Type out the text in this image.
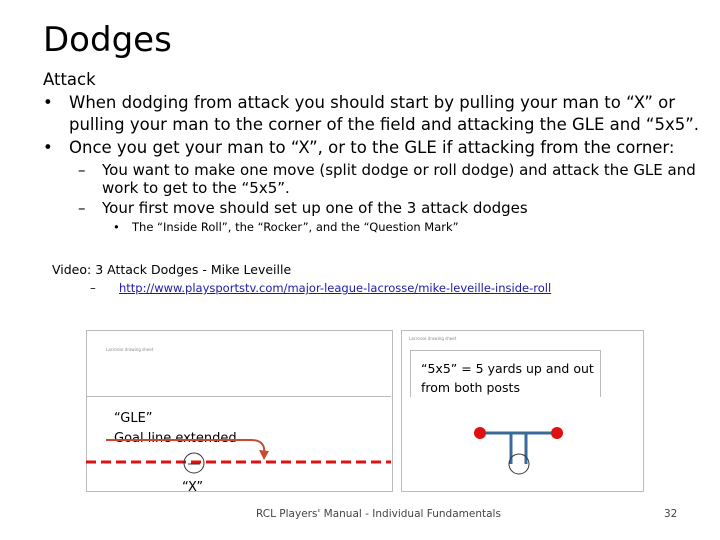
Dodges
Attack
• When dodging from attack you should start by pulling your man to “X” or
pulling your man to the corner of the field and attacking the GLE and “5x5”.
• Once you get your man to “X”, or to the GLE if attacking from the corner:
– You want to make one move (split dodge or roll dodge) and attack the GLE and
work to get to the “5x5”.
– Your first move should set up one of the 3 attack dodges
• The “Inside Roll”, the “Rocker”, and the “Question Mark”
Video: 3 Attack Dodges - Mike Leveille
– http://www.playsportstv.com/major-league-lacrosse/mike-leveille-inside-roll
Lacrosse drawing sheet
“GLE”
Goal line extended
“X”
Lacrosse drawing sheet
“5x5” = 5 yards up and out
from both posts
RCL Players' Manual - Individual Fundamentals	32
